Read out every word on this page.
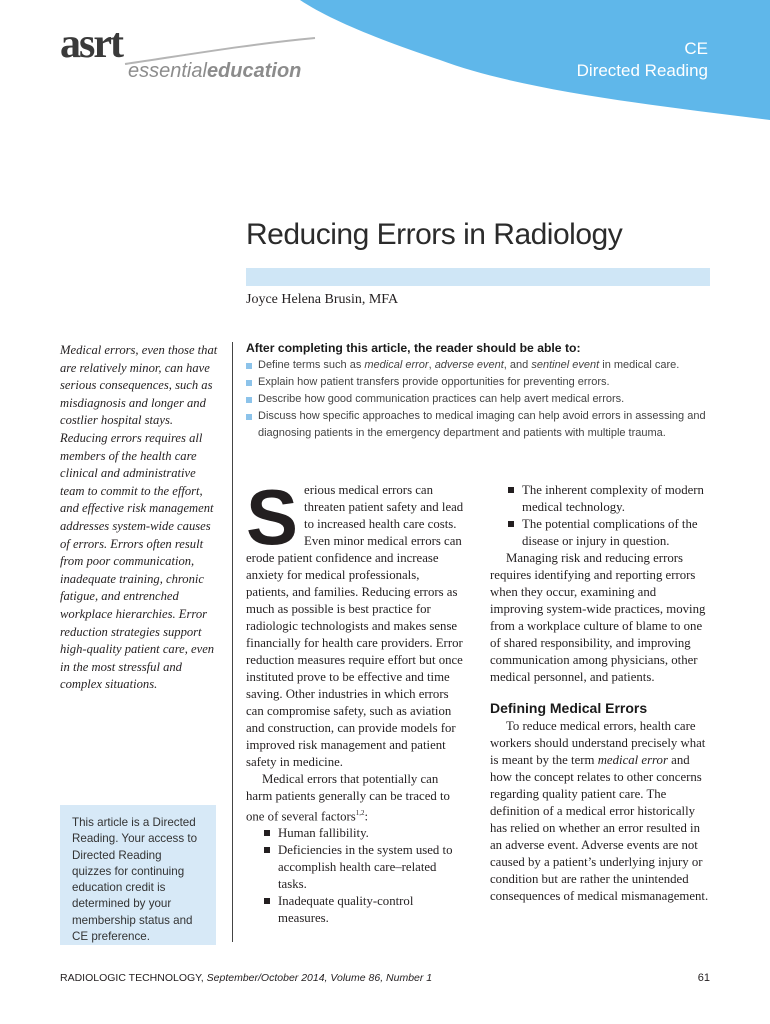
CE
Directed Reading
asrt
essentialeducation
Reducing Errors in Radiology
Joyce Helena Brusin, MFA
Medical errors, even those that are relatively minor, can have serious consequences, such as misdiagnosis and longer and costlier hospital stays. Reducing errors requires all members of the health care clinical and administrative team to commit to the effort, and effective risk management addresses system-wide causes of errors. Errors often result from poor communication, inadequate training, chronic fatigue, and entrenched workplace hierarchies. Error reduction strategies support high-quality patient care, even in the most stressful and complex situations.
This article is a Directed Reading. Your access to Directed Reading quizzes for continuing education credit is determined by your membership status and CE preference.
After completing this article, the reader should be able to:
Define terms such as medical error, adverse event, and sentinel event in medical care.
Explain how patient transfers provide opportunities for preventing errors.
Describe how good communication practices can help avert medical errors.
Discuss how specific approaches to medical imaging can help avoid errors in assessing and diagnosing patients in the emergency department and patients with multiple trauma.

Serious medical errors can threaten patient safety and lead to increased health care costs. Even minor medical errors can erode patient confidence and increase anxiety for medical professionals, patients, and families. Reducing errors as much as possible is best practice for radiologic technologists and makes sense financially for health care providers. Error reduction measures require effort but once instituted prove to be effective and time saving. Other industries in which errors can compromise safety, such as aviation and construction, can provide models for improved risk management and patient safety in medicine.

Medical errors that potentially can harm patients generally can be traced to one of several factors$^{1,2}$:

Human fallibility.
Deficiencies in the system used to accomplish health care–related tasks.
Inadequate quality-control measures.
The inherent complexity of modern medical technology.
The potential complications of the disease or injury in question.

Managing risk and reducing errors requires identifying and reporting errors when they occur, examining and improving system-wide practices, moving from a workplace culture of blame to one of shared responsibility, and improving communication among physicians, other medical personnel, and patients.

Defining Medical Errors

To reduce medical errors, health care workers should understand precisely what is meant by the term medical error and how the concept relates to other concerns regarding quality patient care. The definition of a medical error historically has relied on whether an error resulted in an adverse event. Adverse events are not caused by a patient’s underlying injury or condition but are rather the unintended consequences of medical mismanagement.

RADIOLOGIC TECHNOLOGY, September/October 2014, Volume 86, Number 1	61
